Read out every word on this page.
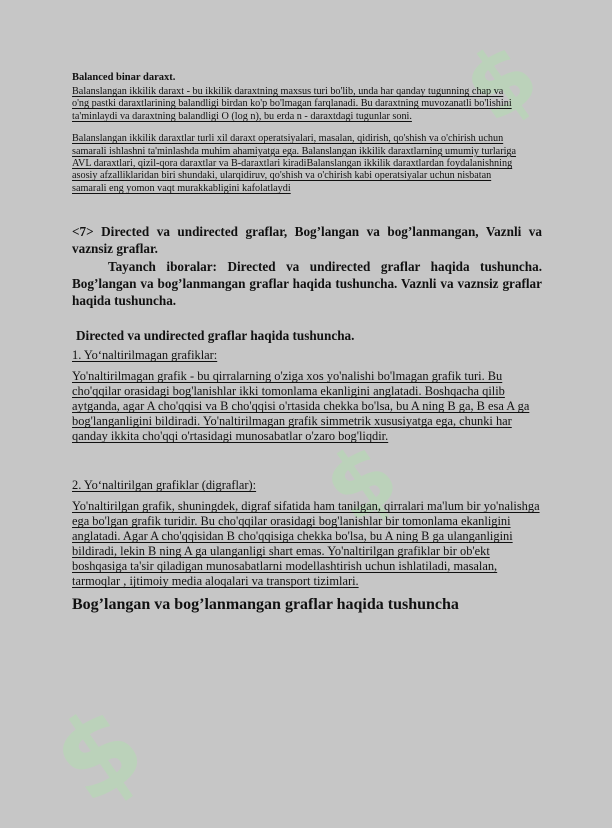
$
$
$

Balanced binar daraxt.

Balanslangan ikkilik daraxt - bu ikkilik daraxtning maxsus turi bo'lib, unda har qanday tugunning chap va o'ng pastki daraxtlarining balandligi birdan ko'p bo'lmagan farqlanadi. Bu daraxtning muvozanatli bo'lishini ta'minlaydi va daraxtning balandligi O (log n), bu erda n - daraxtdagi tugunlar soni.

Balanslangan ikkilik daraxtlar turli xil daraxt operatsiyalari, masalan, qidirish, qo'shish va o'chirish uchun samarali ishlashni ta'minlashda muhim ahamiyatga ega. Balanslangan ikkilik daraxtlarning umumiy turlariga AVL daraxtlari, qizil-qora daraxtlar va B-daraxtlari kiradiBalanslangan ikkilik daraxtlardan foydalanishning asosiy afzalliklaridan biri shundaki, ularqidiruv, qo'shish va o'chirish kabi operatsiyalar uchun nisbatan samarali eng yomon vaqt murakkabligini kafolatlaydi

<7> Directed va undirected graflar, Bog’langan va bog’lanmangan, Vaznli va vaznsiz graflar.

Tayanch iboralar: Directed va undirected graflar haqida tushuncha. Bog’langan va bog’lanmangan graflar haqida tushuncha. Vaznli va vaznsiz graflar haqida tushuncha.

Directed va undirected graflar haqida tushuncha.

1. Yo‘naltirilmagan grafiklar:

Yo'naltirilmagan grafik - bu qirralarning o'ziga xos yo'nalishi bo'lmagan grafik turi. Bu cho'qqilar orasidagi bog'lanishlar ikki tomonlama ekanligini anglatadi. Boshqacha qilib aytganda, agar A cho'qqisi va B cho'qqisi o'rtasida chekka bo'lsa, bu A ning B ga, B esa A ga bog'langanligini bildiradi. Yo'naltirilmagan grafik simmetrik xususiyatga ega, chunki har qanday ikkita cho'qqi o'rtasidagi munosabatlar o'zaro bog'liqdir.

2. Yo‘naltirilgan grafiklar (digraflar):

Yo'naltirilgan grafik, shuningdek, digraf sifatida ham tanilgan, qirralari ma'lum bir yo'nalishga ega bo'lgan grafik turidir. Bu cho'qqilar orasidagi bog'lanishlar bir tomonlama ekanligini anglatadi. Agar A cho'qqisidan B cho'qqisiga chekka bo'lsa, bu A ning B ga ulanganligini bildiradi, lekin B ning A ga ulanganligi shart emas. Yo'naltirilgan grafiklar bir ob'ekt boshqasiga ta'sir qiladigan munosabatlarni modellashtirish uchun ishlatiladi, masalan, tarmoqlar , ijtimoiy media aloqalari va transport tizimlari.

Bog’langan va bog’lanmangan graflar haqida tushuncha
